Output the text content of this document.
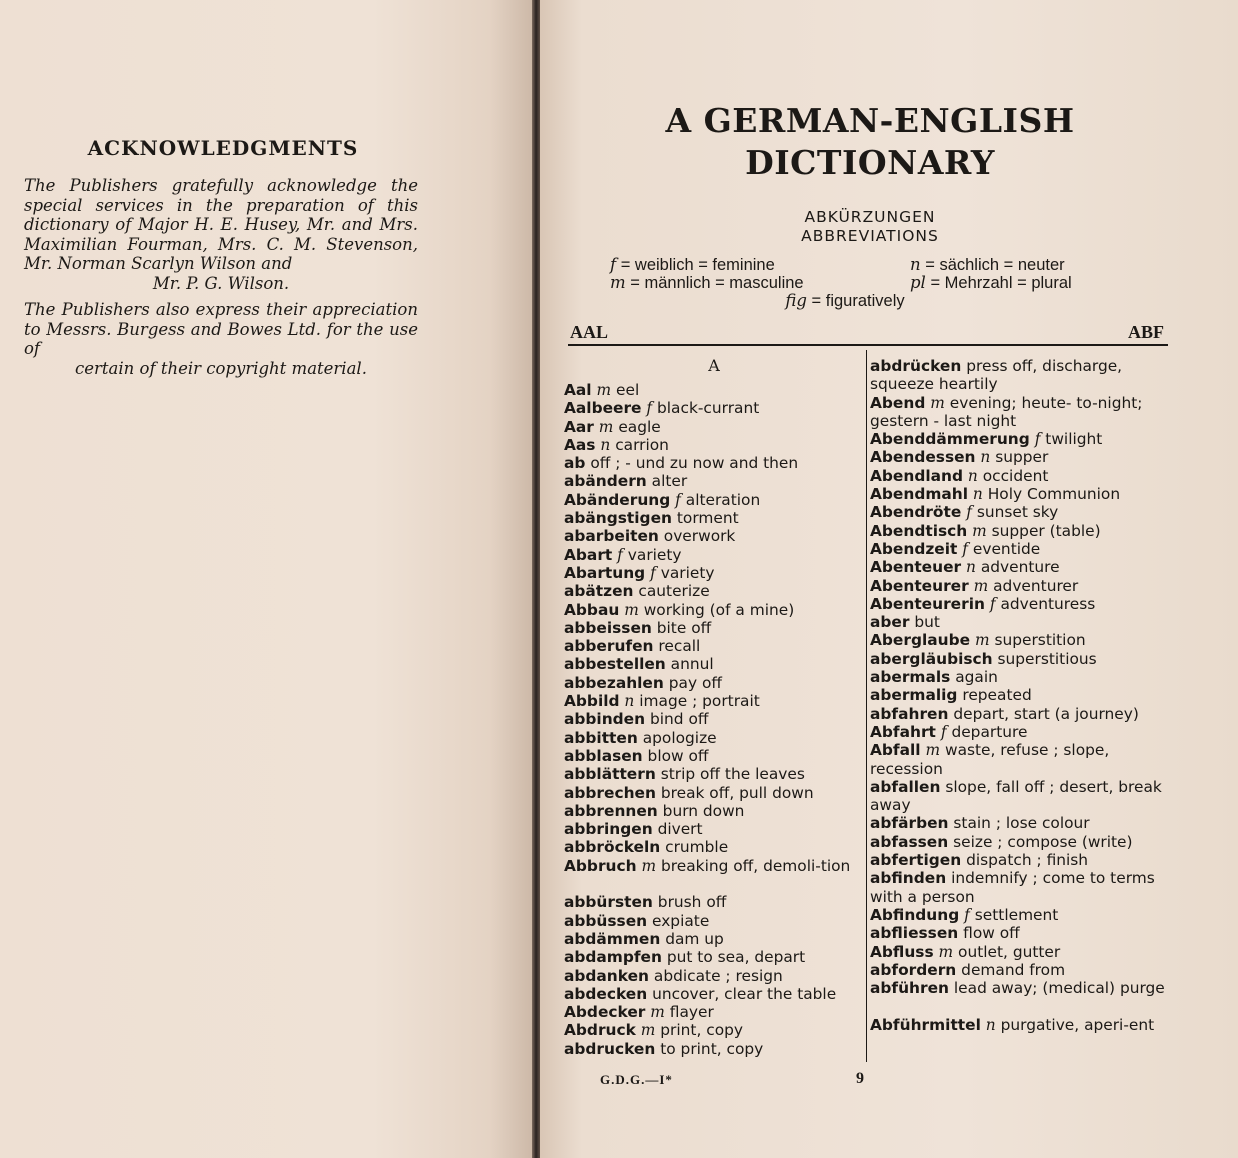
ACKNOWLEDGMENTS
The Publishers gratefully acknowledge the special services in the preparation of this dictionary of Major H. E. Husey, Mr. and Mrs. Maximilian Fourman, Mrs. C. M. Stevenson, Mr. Norman Scarlyn Wilson and
Mr. P. G. Wilson.
The Publishers also express their appreciation to Messrs. Burgess and Bowes Ltd. for the use of
certain of their copyright material.
A GERMAN-ENGLISH
DICTIONARY
ABKÜRZUNGEN
ABBREVIATIONS
f = weiblich = feminine	n = sächlich = neuter
m = männlich = masculine	pl = Mehrzahl = plural
fig = figuratively
AAL	ABF
A
Aal m eel
Aalbeere f black-currant
Aar m eagle
Aas n carrion
ab off ; - und zu now and then
abändern alter
Abänderung f alteration
abängstigen torment
abarbeiten overwork
Abart f variety
Abartung f variety
abätzen cauterize
Abbau m working (of a mine)
abbeissen bite off
abberufen recall
abbestellen annul
abbezahlen pay off
Abbild n image ; portrait
abbinden bind off
abbitten apologize
abblasen blow off
abblättern strip off the leaves
abbrechen break off, pull down
abbrennen burn down
abbringen divert
abbröckeln crumble
Abbruch m breaking off, demoli-tion
abbürsten brush off
abbüssen expiate
abdämmen dam up
abdampfen put to sea, depart
abdanken abdicate ; resign
abdecken uncover, clear the table
Abdecker m flayer
Abdruck m print, copy
abdrucken to print, copy
abdrücken press off, discharge, squeeze heartily
Abend m evening; heute- to-night; gestern - last night
Abenddämmerung f twilight
Abendessen n supper
Abendland n occident
Abendmahl n Holy Communion
Abendröte f sunset sky
Abendtisch m supper (table)
Abendzeit f eventide
Abenteuer n adventure
Abenteurer m adventurer
Abenteurerin f adventuress
aber but
Aberglaube m superstition
abergläubisch superstitious
abermals again
abermalig repeated
abfahren depart, start (a journey)
Abfahrt f departure
Abfall m waste, refuse ; slope, recession
abfallen slope, fall off ; desert, break away
abfärben stain ; lose colour
abfassen seize ; compose (write)
abfertigen dispatch ; finish
abfinden indemnify ; come to terms with a person
Abfindung f settlement
abfliessen flow off
Abfluss m outlet, gutter
abfordern demand from
abführen lead away; (medical) purge
Abführmittel n purgative, aperi-ent
G.D.G.—I*	9
